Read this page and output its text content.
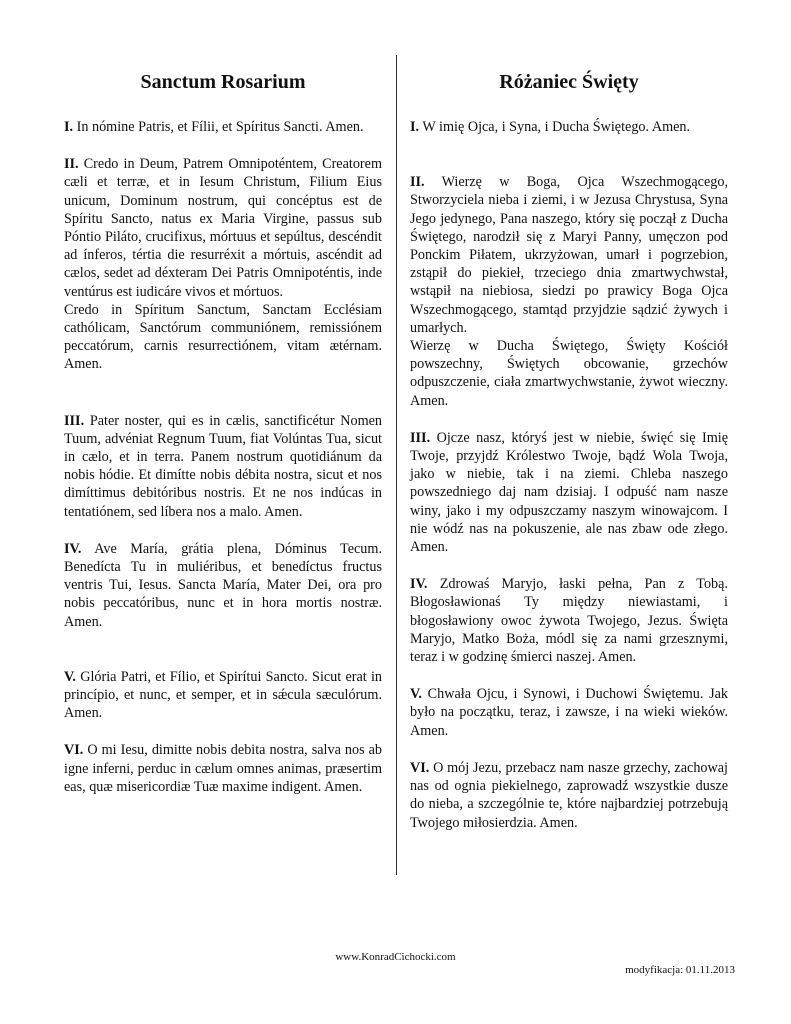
Sanctum Rosarium

I. In nómine Patris, et Fílii, et Spíritus Sancti. Amen.

II. Credo in Deum, Patrem Omnipoténtem, Creatorem cæli et terræ, et in Iesum Christum, Filium Eius unicum, Dominum nostrum, qui concéptus est de Spíritu Sancto, natus ex Maria Virgine, passus sub Póntio Piláto, crucifixus, mórtuus et sepúltus, descéndit ad ínferos, tértia die resurréxit a mórtuis, ascéndit ad cælos, sedet ad déxteram Dei Patris Omnipoténtis, inde ventúrus est iudicáre vivos et mórtuos.

Credo in Spíritum Sanctum, Sanctam Ecclésiam cathólicam, Sanctórum communiónem, remissiónem peccatórum, carnis resurrectiónem, vitam ætérnam. Amen.

III. Pater noster, qui es in cælis, sanctificétur Nomen Tuum, advéniat Regnum Tuum, fiat Volúntas Tua, sicut in cælo, et in terra. Panem nostrum quotidiánum da nobis hódie. Et dimítte nobis débita nostra, sicut et nos dimíttimus debitóribus nostris. Et ne nos indúcas in tentatiónem, sed líbera nos a malo. Amen.

IV. Ave María, grátia plena, Dóminus Tecum. Benedícta Tu in muliéribus, et benedíctus fructus ventris Tui, Iesus. Sancta María, Mater Dei, ora pro nobis peccatóribus, nunc et in hora mortis nostræ. Amen.

V. Glória Patri, et Fílio, et Spirítui Sancto. Sicut erat in princípio, et nunc, et semper, et in sǽcula sæculórum. Amen.

VI. O mi Iesu, dimitte nobis debita nostra, salva nos ab igne inferni, perduc in cælum omnes animas, præsertim eas, quæ misericordiæ Tuæ maxime indigent. Amen.

Różaniec Święty

I. W imię Ojca, i Syna, i Ducha Świętego. Amen.

II. Wierzę w Boga, Ojca Wszechmogącego, Stworzyciela nieba i ziemi, i w Jezusa Chrystusa, Syna Jego jedynego, Pana naszego, który się począł z Ducha Świętego, narodził się z Maryi Panny, umęczon pod Ponckim Piłatem, ukrzyżowan, umarł i pogrzebion, zstąpił do piekieł, trzeciego dnia zmartwychwstał, wstąpił na niebiosa, siedzi po prawicy Boga Ojca Wszechmogącego, stamtąd przyjdzie sądzić żywych i umarłych.

Wierzę w Ducha Świętego, Święty Kościół powszechny, Świętych obcowanie, grzechów odpuszczenie, ciała zmartwychwstanie, żywot wieczny. Amen.

III. Ojcze nasz, któryś jest w niebie, święć się Imię Twoje, przyjdź Królestwo Twoje, bądź Wola Twoja, jako w niebie, tak i na ziemi. Chleba naszego powszedniego daj nam dzisiaj. I odpuść nam nasze winy, jako i my odpuszczamy naszym winowajcom. I nie wódź nas na pokuszenie, ale nas zbaw ode złego. Amen.

IV. Zdrowaś Maryjo, łaski pełna, Pan z Tobą. Błogosławionaś Ty między niewiastami, i błogosławiony owoc żywota Twojego, Jezus. Święta Maryjo, Matko Boża, módl się za nami grzesznymi, teraz i w godzinę śmierci naszej. Amen.

V. Chwała Ojcu, i Synowi, i Duchowi Świętemu. Jak było na początku, teraz, i zawsze, i na wieki wieków. Amen.

VI. O mój Jezu, przebacz nam nasze grzechy, zachowaj nas od ognia piekielnego, zaprowadź wszystkie dusze do nieba, a szczególnie te, które najbardziej potrzebują Twojego miłosierdzia. Amen.

www.KonradCichocki.com
modyfikacja: 01.11.2013
